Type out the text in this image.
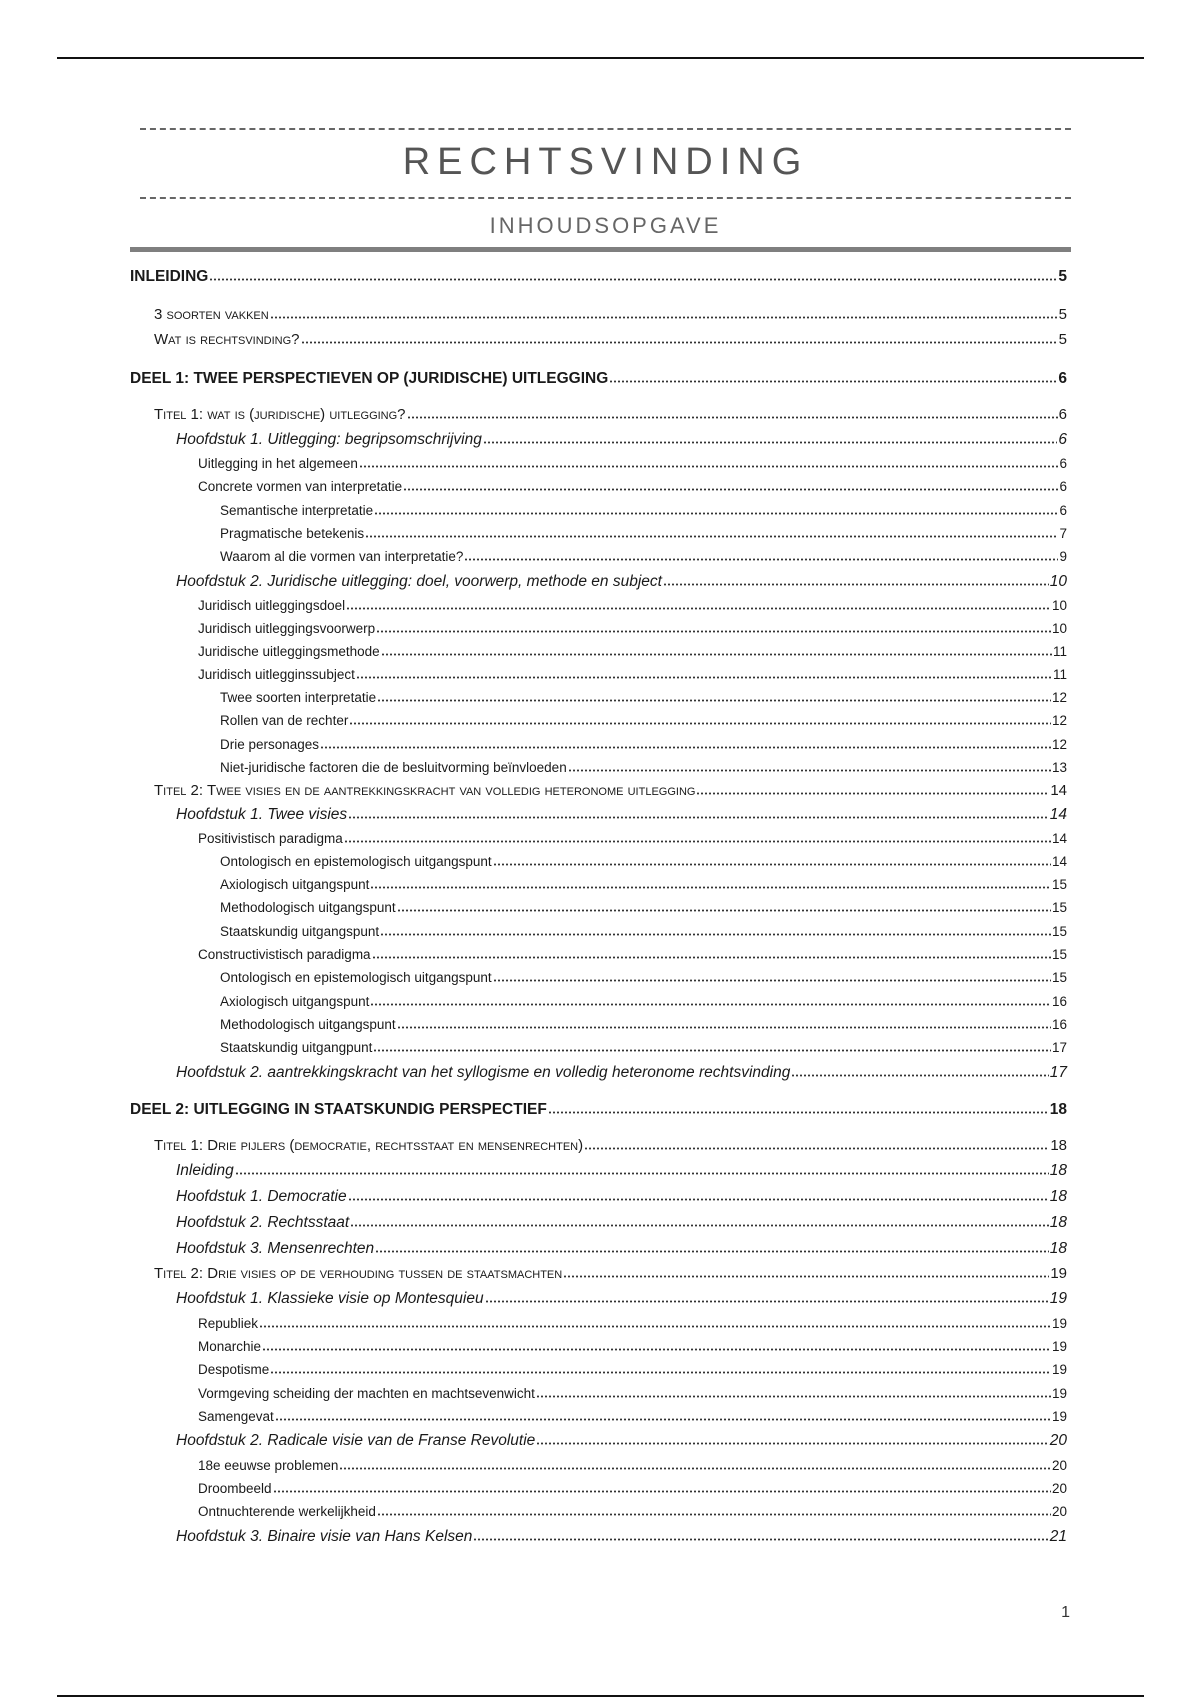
RECHTSVINDING
INHOUDSOPGAVE
INLEIDING	5
3 soorten vakken	5
Wat is rechtsvinding?	5
DEEL 1: TWEE PERSPECTIEVEN OP (JURIDISCHE) UITLEGGING	6
Titel 1: wat is (juridische) uitlegging?	6
Hoofdstuk 1. Uitlegging: begripsomschrijving	6
Uitlegging in het algemeen	6
Concrete vormen van interpretatie	6
Semantische interpretatie	6
Pragmatische betekenis	7
Waarom al die vormen van interpretatie?	9
Hoofdstuk 2. Juridische uitlegging: doel, voorwerp, methode en subject	10
Juridisch uitleggingsdoel	10
Juridisch uitleggingsvoorwerp	10
Juridische uitleggingsmethode	11
Juridisch uitlegginssubject	11
Twee soorten interpretatie	12
Rollen van de rechter	12
Drie personages	12
Niet-juridische factoren die de besluitvorming beïnvloeden	13
Titel 2: Twee visies en de aantrekkingskracht van volledig heteronome uitlegging	14
Hoofdstuk 1. Twee visies	14
Positivistisch paradigma	14
Ontologisch en epistemologisch uitgangspunt	14
Axiologisch uitgangspunt	15
Methodologisch uitgangspunt	15
Staatskundig uitgangspunt	15
Constructivistisch paradigma	15
Ontologisch en epistemologisch uitgangspunt	15
Axiologisch uitgangspunt	16
Methodologisch uitgangspunt	16
Staatskundig uitgangpunt	17
Hoofdstuk 2. aantrekkingskracht van het syllogisme en volledig heteronome rechtsvinding	17
DEEL 2: UITLEGGING IN STAATSKUNDIG PERSPECTIEF	18
Titel 1: Drie pijlers (democratie, rechtsstaat en mensenrechten)	18
Inleiding	18
Hoofdstuk 1. Democratie	18
Hoofdstuk 2. Rechtsstaat	18
Hoofdstuk 3. Mensenrechten	18
Titel 2: Drie visies op de verhouding tussen de staatsmachten	19
Hoofdstuk 1. Klassieke visie op Montesquieu	19
Republiek	19
Monarchie	19
Despotisme	19
Vormgeving scheiding der machten en machtsevenwicht	19
Samengevat	19
Hoofdstuk 2. Radicale visie van de Franse Revolutie	20
18e eeuwse problemen	20
Droombeeld	20
Ontnuchterende werkelijkheid	20
Hoofdstuk 3. Binaire visie van Hans Kelsen	21
1
